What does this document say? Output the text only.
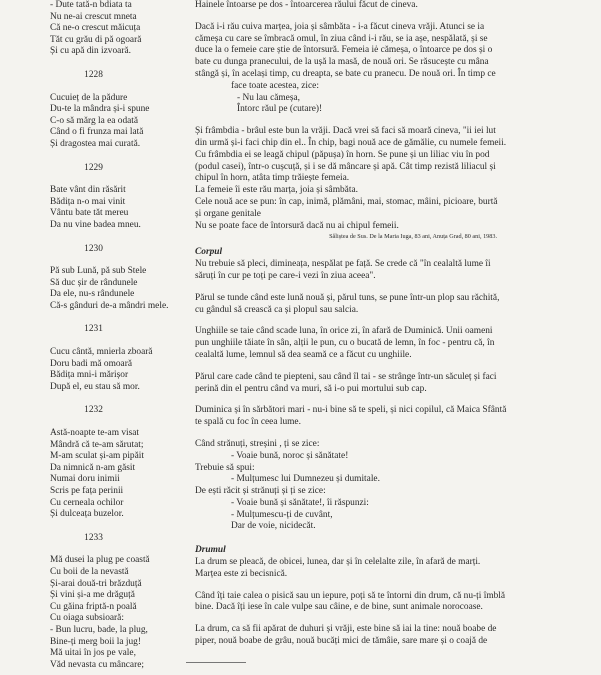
- Dute tată-n bdiata ta
Nu ne-ai crescut mneta
Că ne-o crescut măicuța
Tăt cu grău di pă ogoară
Și cu apă din izvoară.
1228
Cucuieț de la pădure
Du-te la mândra și-i spune
C-o să mărg la ea odată
Când o fi frunza mai lată
Și dragostea mai curată.
1229
Bate vânt din răsărit
Bădița n-o mai vinit
Vântu bate tăt mereu
Da nu vine badea mneu.
1230
Pă sub Lună, pă sub Stele
Să duc șir de rândunele
Da ele, nu-s rândunele
Că-s gânduri de-a mândri mele.
1231
Cucu cântă, mnierla zboară
Doru badi mă omoară
Bădița mni-i mărișor
După el, eu stau să mor.
1232
Astă-noapte te-am visat
Mândră că te-am sărutat;
M-am sculat și-am pipăit
Da nimnică n-am găsit
Numai doru inimii
Scris pe fața perinii
Cu cerneala ochilor
Și dulceața buzelor.
1233
Mă dusei la plug pe coastă
Cu boii de la nevastă
Și-arai două-tri brăzduță
Și vini și-a me drăguță
Cu găina friptă-n poală
Cu oiaga subsioară:
- Bun lucru, bade, la plug,
Bine-ți merg boii la jug!
Mă uitai în jos pe vale,
Văd nevasta cu mâncare;
Hainele întoarse pe dos - întoarcerea răului făcut de cineva.
Dacă i-i rău cuiva marțea, joia și sâmbăta - i-a făcut cineva vrăji. Atunci se ia
cămeșa cu care se îmbracă omul, în ziua când i-i rău, se ia așe, nespălată, și se
duce la o femeie care știe de întorsură. Femeia iė cămeșa, o întoarce pe dos și o
bate cu dunga pranecului, de la ușă la masă, de nouă ori. Se răsucește cu mâna
stângă și, în același timp, cu dreapta, se bate cu pranecu. De nouă ori. În timp ce
face toate acestea, zice:
- Nu lau cămeșa,
Întorc răul pe (cutare)!
Și frâmbdia - brâul este bun la vrăji. Dacă vrei să faci să moară cineva, "ii iei lut
din urmă și-i faci chip din el.. În chip, bagi nouă ace de gămălie, cu numele femeii.
Cu frâmbdia ei se leagă chipul (păpușa) în horn. Se pune și un liliac viu în pod
(podul casei), într-o cușcuță, și i se dă mâncare și apă. Cât timp rezistă liliacul și
chipul în horn, atâta timp trăiește femeia.
La femeie îi este rău marța, joia și sâmbăta.
Cele nouă ace se pun: în cap, inimă, plămâni, mai, stomac, mâini, picioare, burtă
și organe genitale
Nu se poate face de întorsură dacă nu ai chipul femeii.
Săliștea de Sus. De la Maria Iuga, 83 ani, Anuța Grad, 80 ani, 1983.
Corpul
Nu trebuie să pleci, dimineața, nespălat pe față. Se crede că "în cealaltă lume îi
săruți în cur pe toți pe care-i vezi în ziua aceea".
Părul se tunde când este lună nouă și, părul tuns, se pune într-un plop sau răchită,
cu gândul să crească ca și plopul sau salcia.
Unghiile se taie când scade luna, în orice zi, în afară de Duminică. Unii oameni
pun unghiile tăiate în sân, alții le pun, cu o bucată de lemn, în foc - pentru că, în
cealaltă lume, lemnul să dea seamă ce a făcut cu unghiile.
Părul care cade când te piepteni, sau când îl tai - se strânge într-un săculeț și faci
perină din el pentru când va muri, să i-o pui mortului sub cap.
Duminica și în sărbători mari - nu-i bine să te speli, și nici copilul, că Maica Sfântă
te spală cu foc în ceea lume.
Când strănuți, streșini , ți se zice:
- Voaie bună, noroc și sănătate!
Trebuie să spui:
- Mulțumesc lui Dumnezeu și dumitale.
De ești răcit și strănuți și ți se zice:
- Voaie bună și sănătate!, îi răspunzi:
- Mulțumescu-ți de cuvânt,
Dar de voie, nicidecăt.
Drumul
La drum se pleacă, de obicei, lunea, dar și în celelalte zile, în afară de marți.
Marțea este zi becisnică.
Când îți taie calea o pisică sau un iepure, poți să te întorni din drum, că nu-ți îmblă
bine. Dacă îți iese în cale vulpe sau câine, e de bine, sunt animale norocoase.
La drum, ca să fii apărat de duhuri și vrăji, este bine să iai la tine: nouă boabe de
piper, nouă boabe de grâu, nouă bucăți mici de tămâie, sare mare și o coajă de
